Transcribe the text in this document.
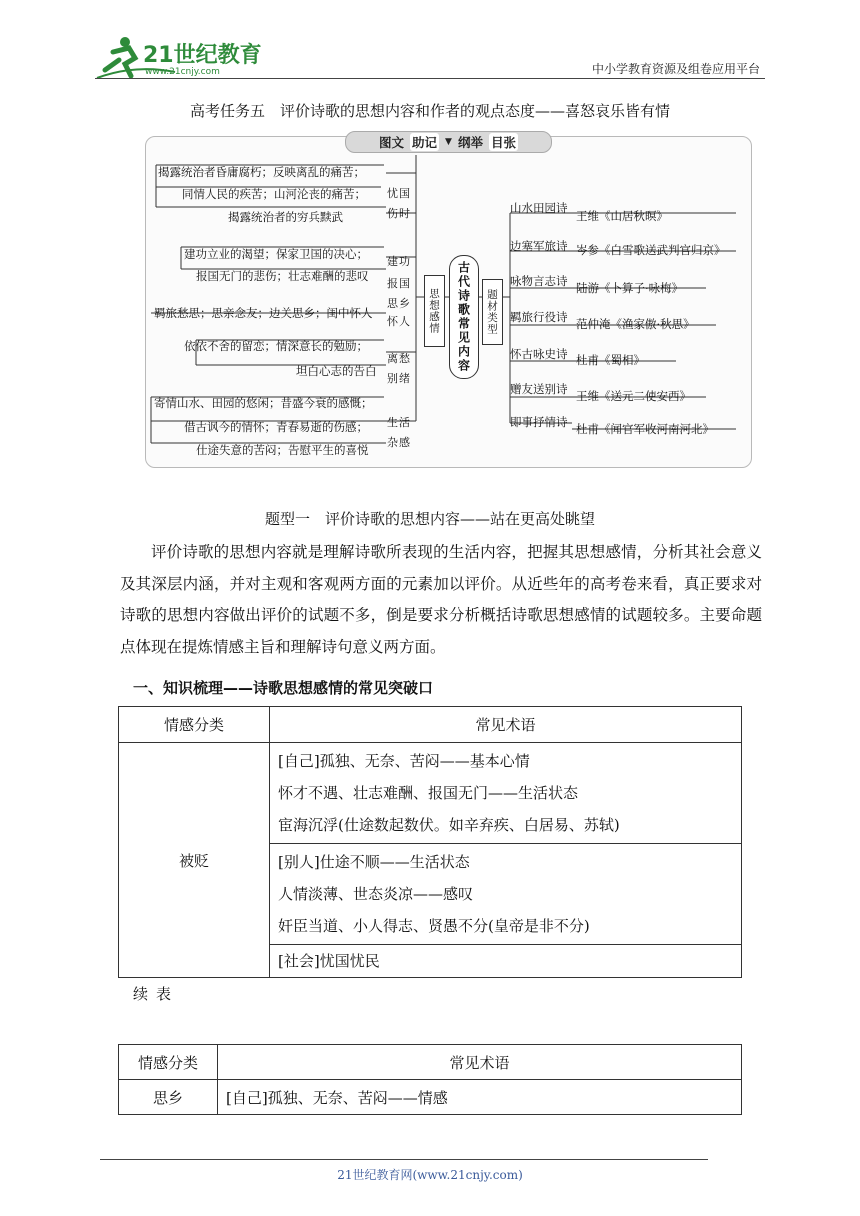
21世纪教育
www.21cnjy.com	中小学教育资源及组卷应用平台
高考任务五　评价诗歌的思想内容和作者的观点态度——喜怒哀乐皆有情
揭露统治者昏庸腐朽；反映离乱的痛苦；
同情人民的疾苦；山河沦丧的痛苦；
揭露统治者的穷兵黩武
忧国伤时
建功立业的渴望；保家卫国的决心；
报国无门的悲伤；壮志难酬的悲叹
建功报国
羁旅愁思；思亲念友；边关思乡；闺中怀人
思乡怀人
依依不舍的留恋；情深意长的勉励；
坦白心志的告白
离愁别绪
寄情山水、田园的悠闲；昔盛今衰的感慨；
借古讽今的情怀；青春易逝的伤感；
仕途失意的苦闷；告慰平生的喜悦
生活杂感
思想感情 古代诗歌常见内容 题材类型
山水田园诗
王维《山居秋暝》
边塞军旅诗 岑参《白雪歌送武判官归京》
咏物言志诗 陆游《卜算子·咏梅》
羁旅行役诗 范仲淹《渔家傲·秋思》
怀古咏史诗 杜甫《蜀相》
赠友送别诗 王维《送元二使安西》
即事抒情诗 杜甫《闻官军收河南河北》
图文 助记 ▼ 纲举 目张
题型一　评价诗歌的思想内容——站在更高处眺望
评价诗歌的思想内容就是理解诗歌所表现的生活内容，把握其思想感情，分析其社会意义及其深层内涵，并对主观和客观两方面的元素加以评价。从近些年的高考卷来看，真正要求对诗歌的思想内容做出评价的试题不多，倒是要求分析概括诗歌思想感情的试题较多。主要命题点体现在提炼情感主旨和理解诗句意义两方面。
一、知识梳理——诗歌思想感情的常见突破口
情感分类	常见术语
被贬	[自己]孤独、无奈、苦闷——基本心情
怀才不遇、壮志难酬、报国无门——生活状态
宦海沉浮(仕途数起数伏。如辛弃疾、白居易、苏轼)

	[别人]仕途不顺——生活状态
人情淡薄、世态炎凉——感叹
奸臣当道、小人得志、贤愚不分(皇帝是非不分)

	[社会]忧国忧民
续表
情感分类	常见术语
思乡	[自己]孤独、无奈、苦闷——情感
21世纪教育网(www.21cnjy.com)
